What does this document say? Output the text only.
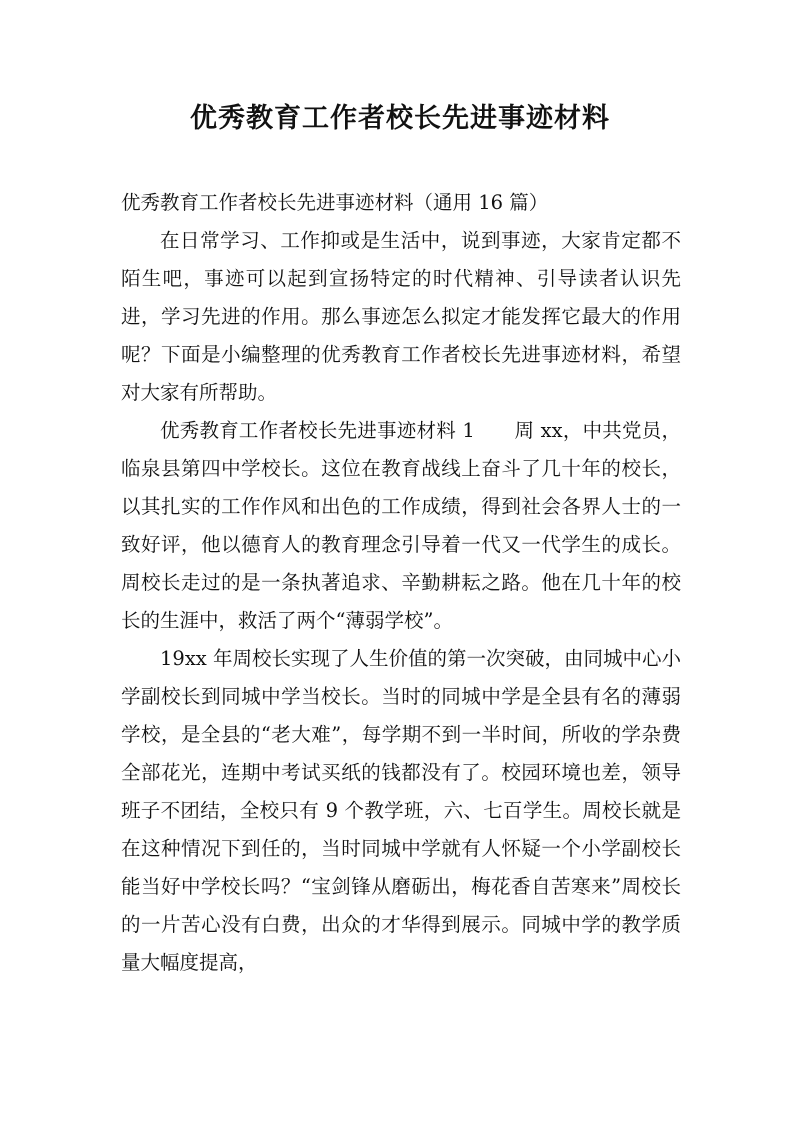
优秀教育工作者校长先进事迹材料

优秀教育工作者校长先进事迹材料（通用 16 篇）

在日常学习、工作抑或是生活中，说到事迹，大家肯定都不陌生吧，事迹可以起到宣扬特定的时代精神、引导读者认识先进，学习先进的作用。那么事迹怎么拟定才能发挥它最大的作用呢？下面是小编整理的优秀教育工作者校长先进事迹材料，希望对大家有所帮助。

优秀教育工作者校长先进事迹材料 1　　周 xx，中共党员，临泉县第四中学校长。这位在教育战线上奋斗了几十年的校长，以其扎实的工作作风和出色的工作成绩，得到社会各界人士的一致好评，他以德育人的教育理念引导着一代又一代学生的成长。周校长走过的是一条执著追求、辛勤耕耘之路。他在几十年的校长的生涯中，救活了两个“薄弱学校”。

19xx 年周校长实现了人生价值的第一次突破，由同城中心小学副校长到同城中学当校长。当时的同城中学是全县有名的薄弱学校，是全县的“老大难”，每学期不到一半时间，所收的学杂费全部花光，连期中考试买纸的钱都没有了。校园环境也差，领导班子不团结，全校只有 9 个教学班，六、七百学生。周校长就是在这种情况下到任的，当时同城中学就有人怀疑一个小学副校长能当好中学校长吗？“宝剑锋从磨砺出，梅花香自苦寒来”周校长的一片苦心没有白费，出众的才华得到展示。同城中学的教学质量大幅度提高，
